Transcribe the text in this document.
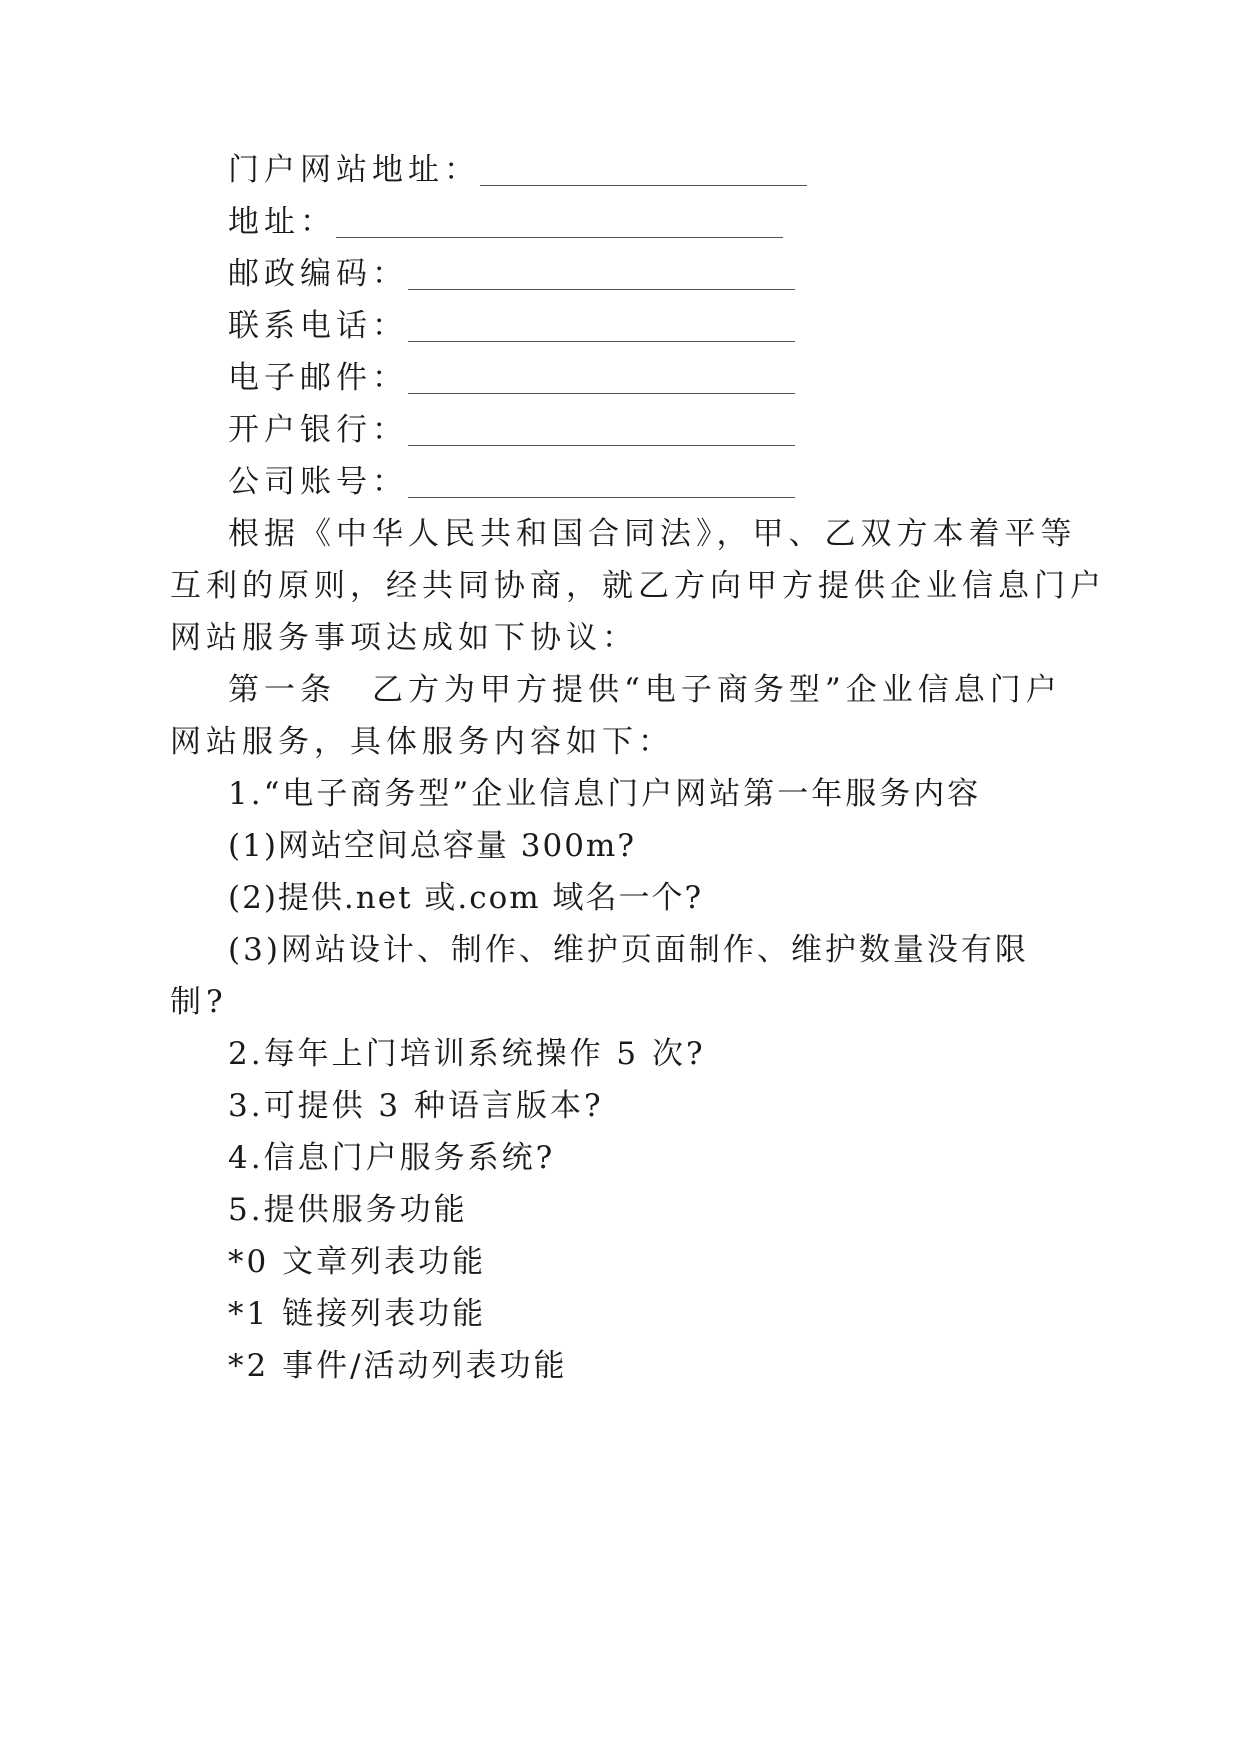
门户网站地址：
地址：
邮政编码：
联系电话：
电子邮件：
开户银行：
公司账号：
根据《中华人民共和国合同法》，甲、乙双方本着平等
互利的原则，经共同协商，就乙方向甲方提供企业信息门户
网站服务事项达成如下协议：
第一条　乙方为甲方提供“电子商务型”企业信息门户
网站服务，具体服务内容如下：
1.“电子商务型”企业信息门户网站第一年服务内容
(1)网站空间总容量 300m?
(2)提供.net 或.com 域名一个?
(3)网站设计、制作、维护页面制作、维护数量没有限
制?
2.每年上门培训系统操作 5 次?
3.可提供 3 种语言版本?
4.信息门户服务系统?
5.提供服务功能
*0 文章列表功能
*1 链接列表功能
*2 事件/活动列表功能
